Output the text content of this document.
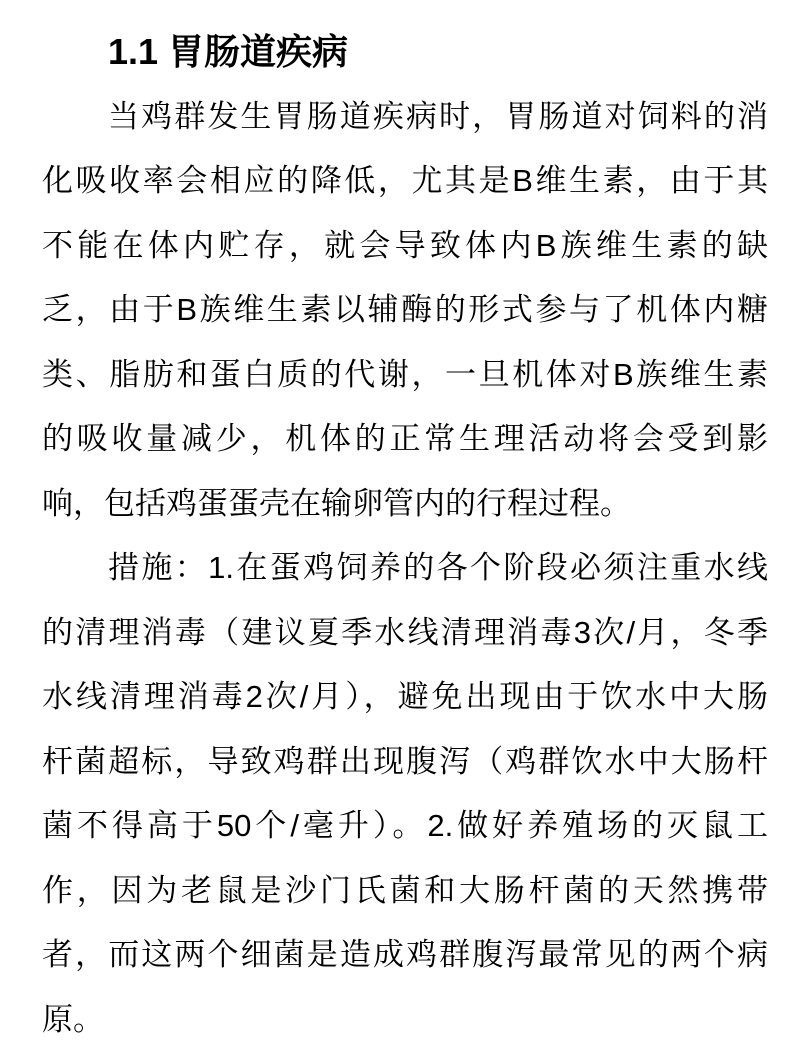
1.1 胃肠道疾病
当鸡群发生胃肠道疾病时，胃肠道对饲料的消
化吸收率会相应的降低，尤其是B维生素，由于其
不能在体内贮存，就会导致体内B族维生素的缺
乏，由于B族维生素以辅酶的形式参与了机体内糖
类、脂肪和蛋白质的代谢，一旦机体对B族维生素
的吸收量减少，机体的正常生理活动将会受到影
响，包括鸡蛋蛋壳在输卵管内的行程过程。
措施：1.在蛋鸡饲养的各个阶段必须注重水线
的清理消毒（建议夏季水线清理消毒3次/月，冬季
水线清理消毒2次/月），避免出现由于饮水中大肠
杆菌超标，导致鸡群出现腹泻（鸡群饮水中大肠杆
菌不得高于50个/毫升）。2.做好养殖场的灭鼠工
作，因为老鼠是沙门氏菌和大肠杆菌的天然携带
者，而这两个细菌是造成鸡群腹泻最常见的两个病
原。
